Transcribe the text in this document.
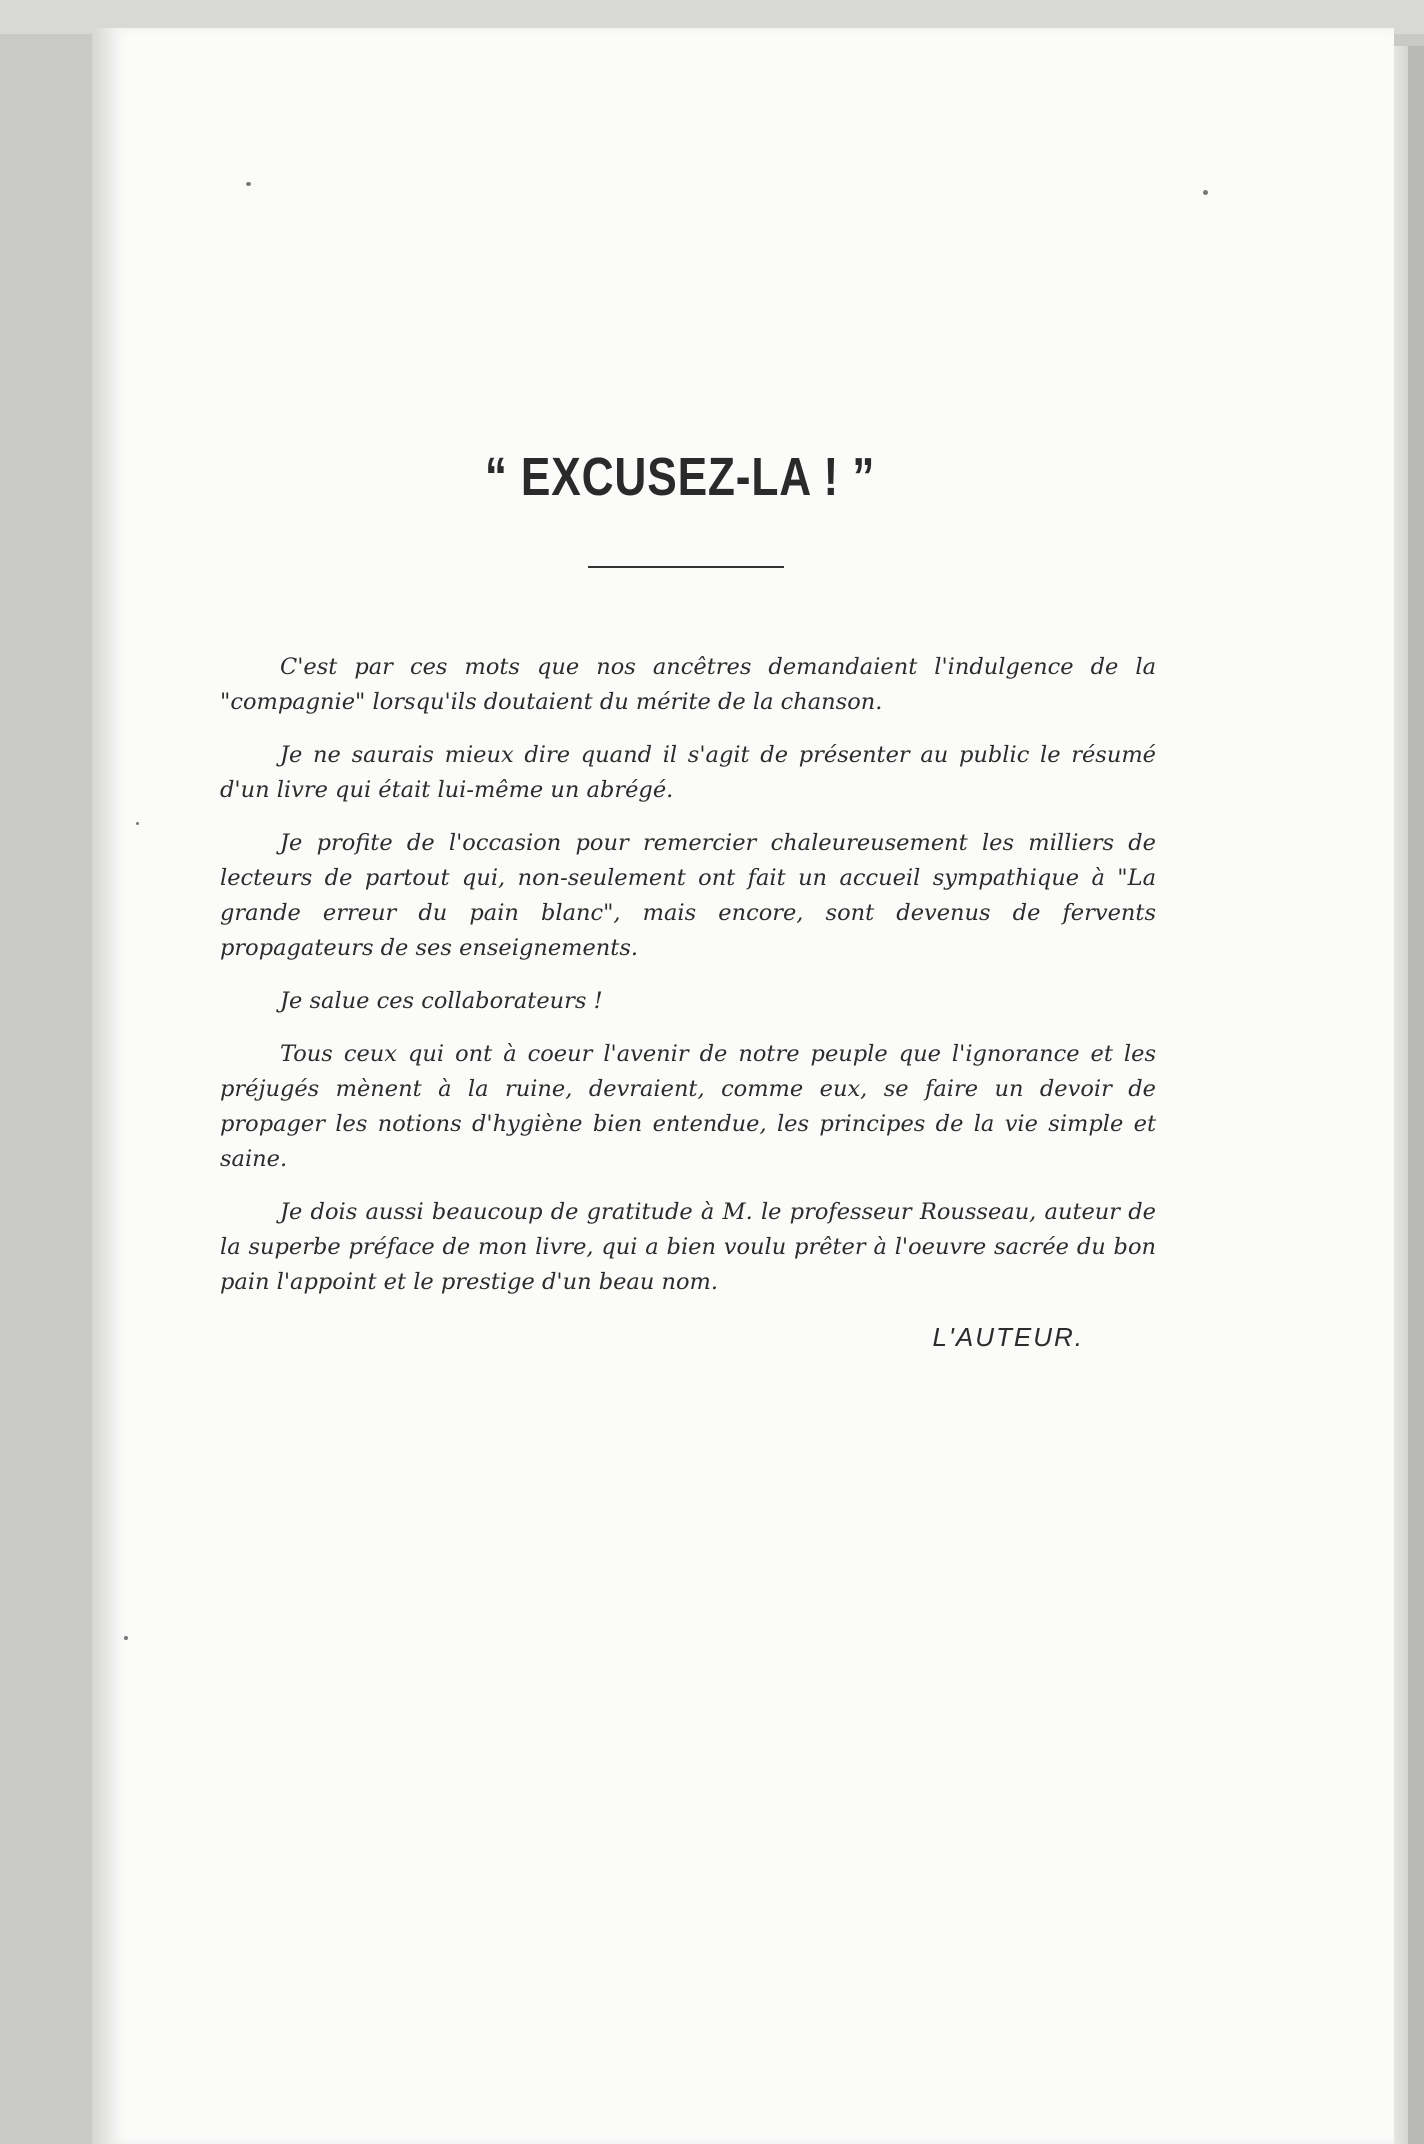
“ EXCUSEZ-LA ! ”

C'est par ces mots que nos ancêtres demandaient l'indulgence de la "compagnie" lorsqu'ils doutaient du mérite de la chanson.

Je ne saurais mieux dire quand il s'agit de présenter au public le résumé d'un livre qui était lui-même un abrégé.

Je profite de l'occasion pour remercier chaleureusement les milliers de lecteurs de partout qui, non-seulement ont fait un accueil sympathique à "La grande erreur du pain blanc", mais encore, sont devenus de fervents propagateurs de ses enseignements.

Je salue ces collaborateurs !

Tous ceux qui ont à coeur l'avenir de notre peuple que l'ignorance et les préjugés mènent à la ruine, devraient, comme eux, se faire un devoir de propager les notions d'hygiène bien entendue, les principes de la vie simple et saine.

Je dois aussi beaucoup de gratitude à M. le professeur Rousseau, auteur de la superbe préface de mon livre, qui a bien voulu prêter à l'oeuvre sacrée du bon pain l'appoint et le prestige d'un beau nom.

L'AUTEUR.
